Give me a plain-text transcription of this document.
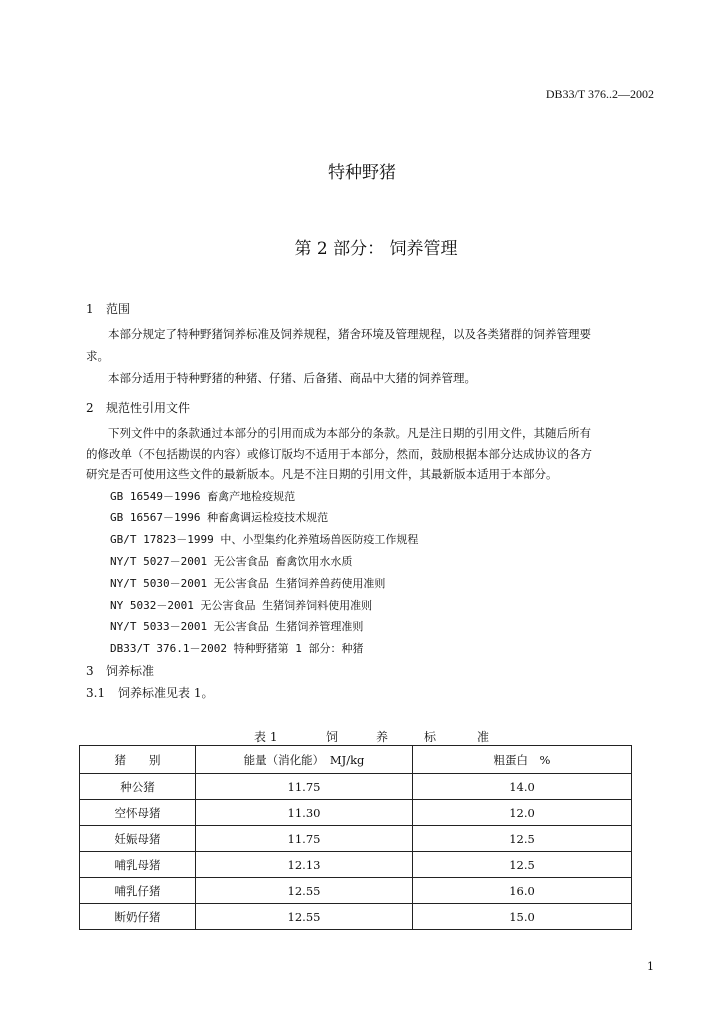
DB33/T 376..2—2002
特种野猪
第 2 部分： 饲养管理
1 范围
本部分规定了特种野猪饲养标准及饲养规程，猪舍环境及管理规程，以及各类猪群的饲养管理要
求。
本部分适用于特种野猪的种猪、仔猪、后备猪、商品中大猪的饲养管理。
2 规范性引用文件
下列文件中的条款通过本部分的引用而成为本部分的条款。凡是注日期的引用文件，其随后所有
的修改单（不包括勘误的内容）或修订版均不适用于本部分，然而，鼓励根据本部分达成协议的各方
研究是否可使用这些文件的最新版本。凡是不注日期的引用文件，其最新版本适用于本部分。
GB 16549－1996 畜禽产地检疫规范
GB 16567－1996 种畜禽调运检疫技术规范
GB/T 17823－1999 中、小型集约化养殖场兽医防疫工作规程
NY/T 5027－2001 无公害食品 畜禽饮用水水质
NY/T 5030－2001 无公害食品 生猪饲养兽药使用准则
NY 5032－2001 无公害食品 生猪饲养饲料使用准则
NY/T 5033－2001 无公害食品 生猪饲养管理准则
DB33/T 376.1－2002 特种野猪第 1 部分：种猪
3 饲养标准
3.1 饲养标准见表 1。
表 1	饲	养	标	准
猪　　别	能量（消化能）　MJ/kg	粗蛋白　%
种公猪	11.75	14.0
空怀母猪	11.30	12.0
妊娠母猪	11.75	12.5
哺乳母猪	12.13	12.5
哺乳仔猪	12.55	16.0
断奶仔猪	12.55	15.0
1
